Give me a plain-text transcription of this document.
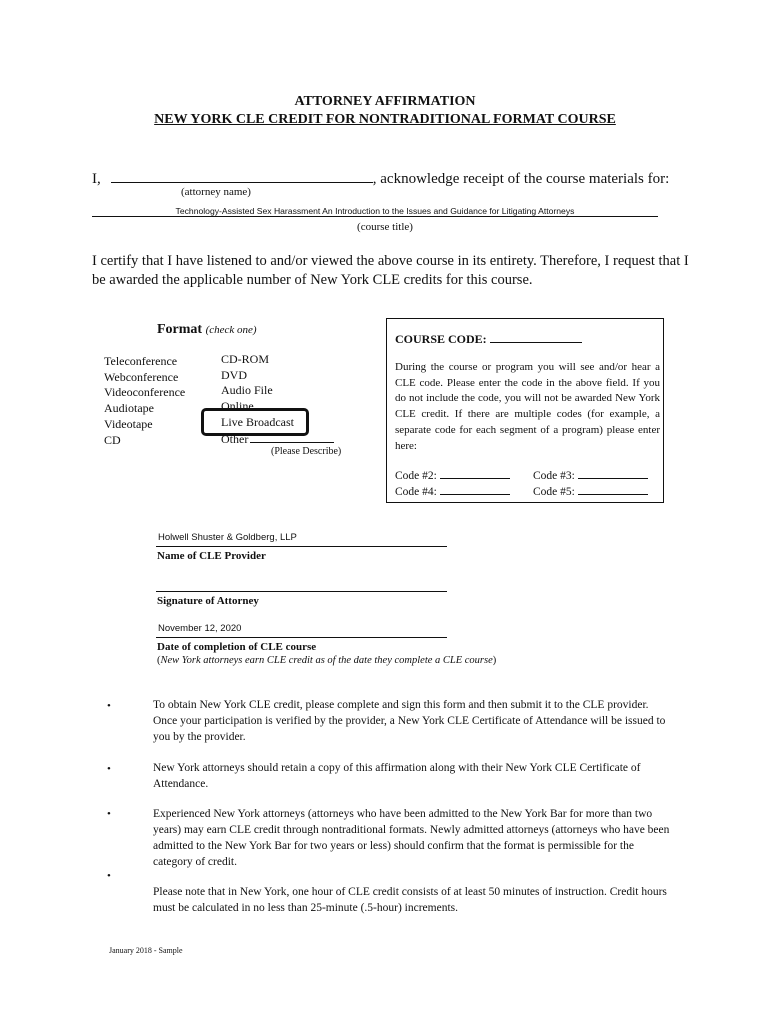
ATTORNEY AFFIRMATION
NEW YORK CLE CREDIT FOR NONTRADITIONAL FORMAT COURSE
I,	, acknowledge receipt of the course materials for:
(attorney name)
Technology-Assisted Sex Harassment An Introduction to the Issues and Guidance for Litigating Attorneys
(course title)
I certify that I have listened to and/or viewed the above course in its entirety. Therefore, I request that I be awarded the applicable number of New York CLE credits for this course.
Format (check one)
Teleconference
Webconference
Videoconference
Audiotape
Videotape
CD
CD-ROM
DVD
Audio File
Online
Live Broadcast
Other
(Please Describe)
COURSE CODE:
During the course or program you will see and/or hear a CLE code. Please enter the code in the above field. If you do not include the code, you will not be awarded New York CLE credit. If there are multiple codes (for example, a separate code for each segment of a program) please enter here:
Code #2:	Code #3:
Code #4:	Code #5:
Holwell Shuster & Goldberg, LLP
Name of CLE Provider
Signature of Attorney
November 12, 2020
Date of completion of CLE course
(New York attorneys earn CLE credit as of the date they complete a CLE course)
•	To obtain New York CLE credit, please complete and sign this form and then submit it to the CLE provider. Once your participation is verified by the provider, a New York CLE Certificate of Attendance will be issued to you by the provider.
•	New York attorneys should retain a copy of this affirmation along with their New York CLE Certificate of Attendance.
•	Experienced New York attorneys (attorneys who have been admitted to the New York Bar for more than two years) may earn CLE credit through nontraditional formats. Newly admitted attorneys (attorneys who have been admitted to the New York Bar for two years or less) should confirm that the format is permissible for the category of credit.
•
Please note that in New York, one hour of CLE credit consists of at least 50 minutes of instruction. Credit hours must be calculated in no less than 25-minute (.5-hour) increments.
January 2018 - Sample
